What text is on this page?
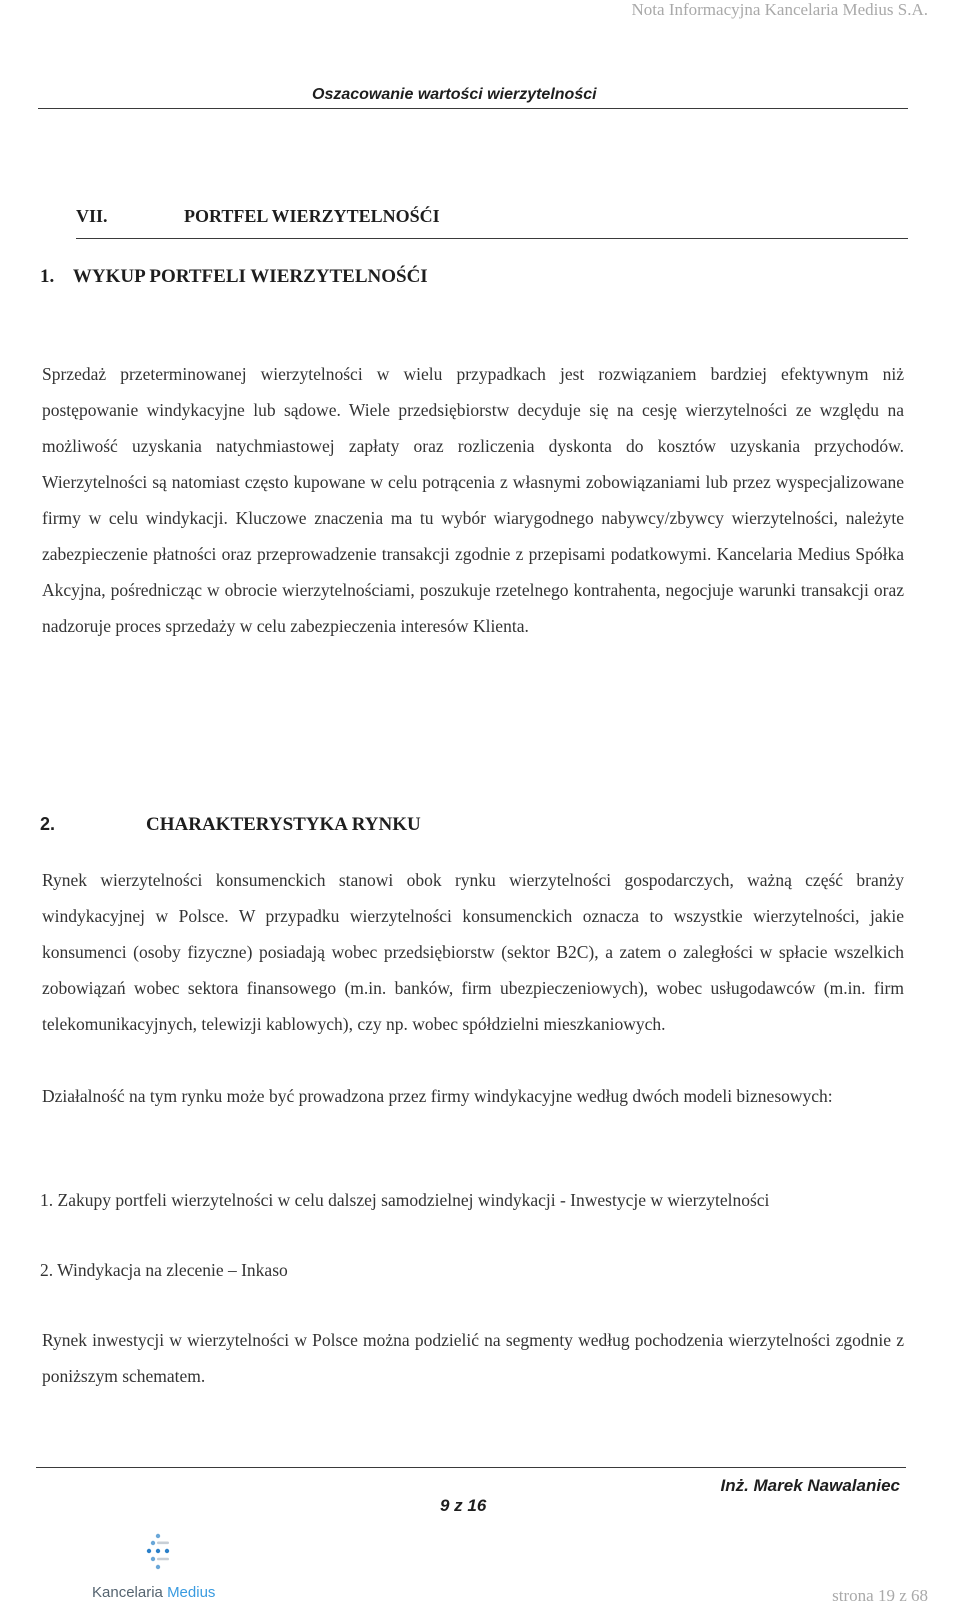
Nota Informacyjna Kancelaria Medius S.A.
Oszacowanie wartości wierzytelności
VII.	PORTFEL WIERZYTELNOŚĆI
1.    WYKUP PORTFELI WIERZYTELNOŚĆI
Sprzedaż przeterminowanej wierzytelności w wielu przypadkach jest rozwiązaniem bardziej efektywnym niż postępowanie windykacyjne lub sądowe. Wiele przedsiębiorstw decyduje się na cesję wierzytelności ze względu na możliwość uzyskania natychmiastowej zapłaty oraz rozliczenia dyskonta do kosztów uzyskania przychodów. Wierzytelności są natomiast często kupowane w celu potrącenia z własnymi zobowiązaniami lub przez wyspecjalizowane firmy w celu windykacji. Kluczowe znaczenia ma tu wybór wiarygodnego nabywcy/zbywcy wierzytelności, należyte zabezpieczenie płatności oraz przeprowadzenie transakcji zgodnie z przepisami podatkowymi. Kancelaria Medius Spółka Akcyjna, pośrednicząc w obrocie wierzytelnościami, poszukuje rzetelnego kontrahenta, negocjuje warunki transakcji oraz nadzoruje proces sprzedaży w celu zabezpieczenia interesów Klienta.
2.	CHARAKTERYSTYKA RYNKU
Rynek wierzytelności konsumenckich stanowi obok rynku wierzytelności gospodarczych, ważną część branży windykacyjnej w Polsce. W przypadku wierzytelności konsumenckich oznacza to wszystkie wierzytelności, jakie konsumenci (osoby fizyczne) posiadają wobec przedsiębiorstw (sektor B2C), a zatem o zaległości w spłacie wszelkich zobowiązań wobec sektora finansowego (m.in. banków, firm ubezpieczeniowych), wobec usługodawców (m.in. firm telekomunikacyjnych, telewizji kablowych), czy np. wobec spółdzielni mieszkaniowych.
Działalność na tym rynku może być prowadzona przez firmy windykacyjne według dwóch modeli biznesowych:
1. Zakupy portfeli wierzytelności w celu dalszej samodzielnej windykacji - Inwestycje w wierzytelności
2. Windykacja na zlecenie – Inkaso
Rynek inwestycji w wierzytelności w Polsce można podzielić na segmenty według pochodzenia wierzytelności zgodnie z poniższym schematem.
Inż. Marek Nawalaniec
9 z 16
Kancelaria Medius	strona 19 z 68
